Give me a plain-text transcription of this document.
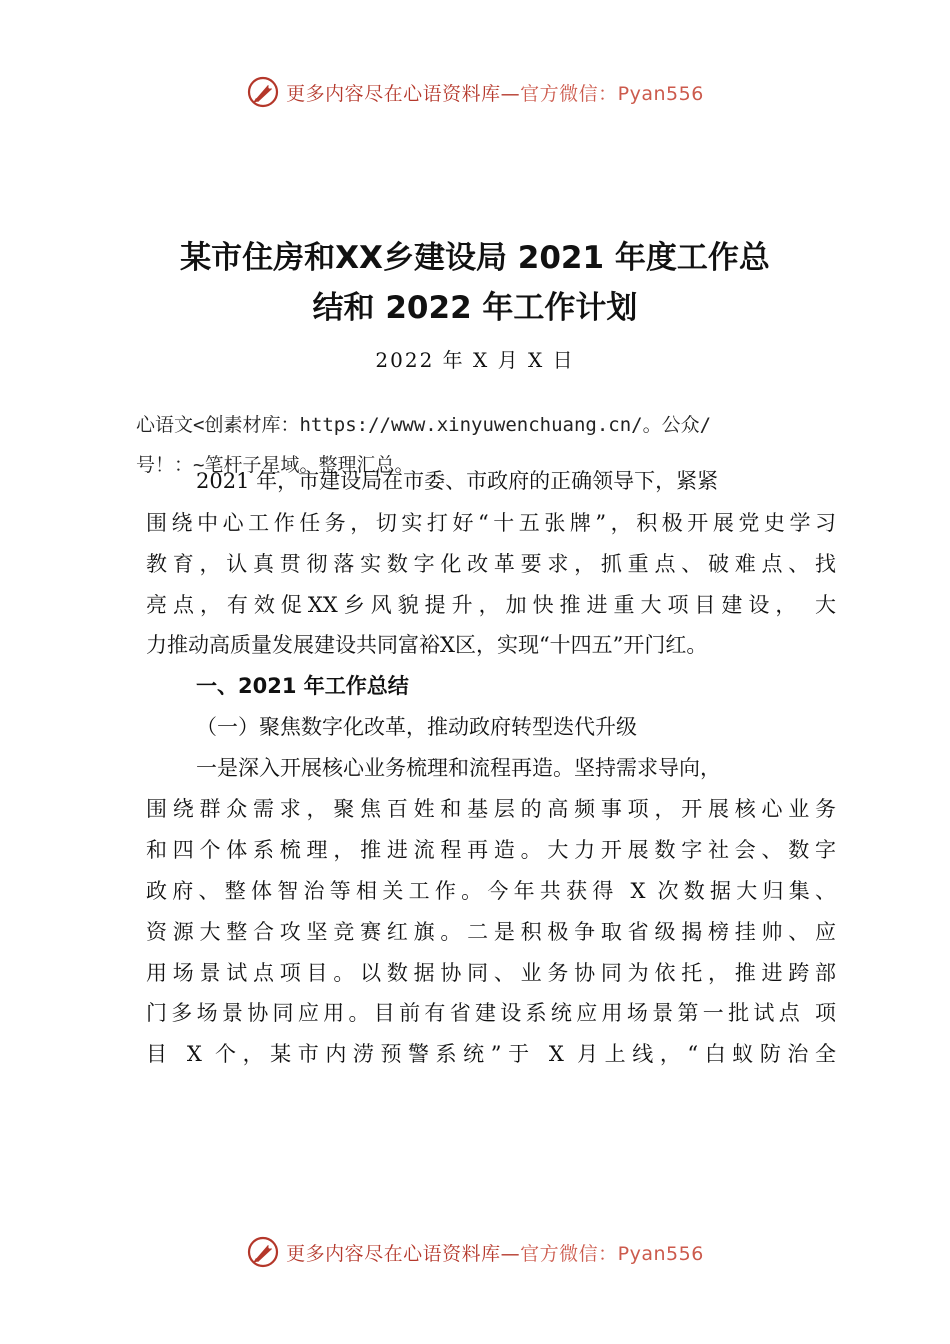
更多内容尽在心语资料库—官方微信：Pyan556
某市住房和XX乡建设局 2021 年度工作总
结和 2022 年工作计划
2022 年 X 月 X 日
心语文<创素材库：https://www.xinyuwenchuang.cn/。公众/
号！：~笔杆子星域。整理汇总。
2021 年，市建设局在市委、市政府的正确领导下，紧紧
围绕中心工作任务，切实打好“十五张牌”，积极开展党史学习
教育，认真贯彻落实数字化改革要求，抓重点、破难点、找
亮点，有效促XX乡风貌提升，加快推进重大项目建设， 大
力推动高质量发展建设共同富裕X区，实现“十四五”开门红。
一、2021 年工作总结
（一）聚焦数字化改革，推动政府转型迭代升级
一是深入开展核心业务梳理和流程再造。坚持需求导向，
围绕群众需求，聚焦百姓和基层的高频事项，开展核心业务
和四个体系梳理，推进流程再造。大力开展数字社会、数字
政府、整体智治等相关工作。今年共获得 X 次数据大归集、
资源大整合攻坚竞赛红旗。二是积极争取省级揭榜挂帅、应
用场景试点项目。以数据协同、业务协同为依托，推进跨部
门多场景协同应用。目前有省建设系统应用场景第一批试点 项
目 X 个，某市内涝预警系统”于 X 月上线，“白蚁防治全
更多内容尽在心语资料库—官方微信：Pyan556
